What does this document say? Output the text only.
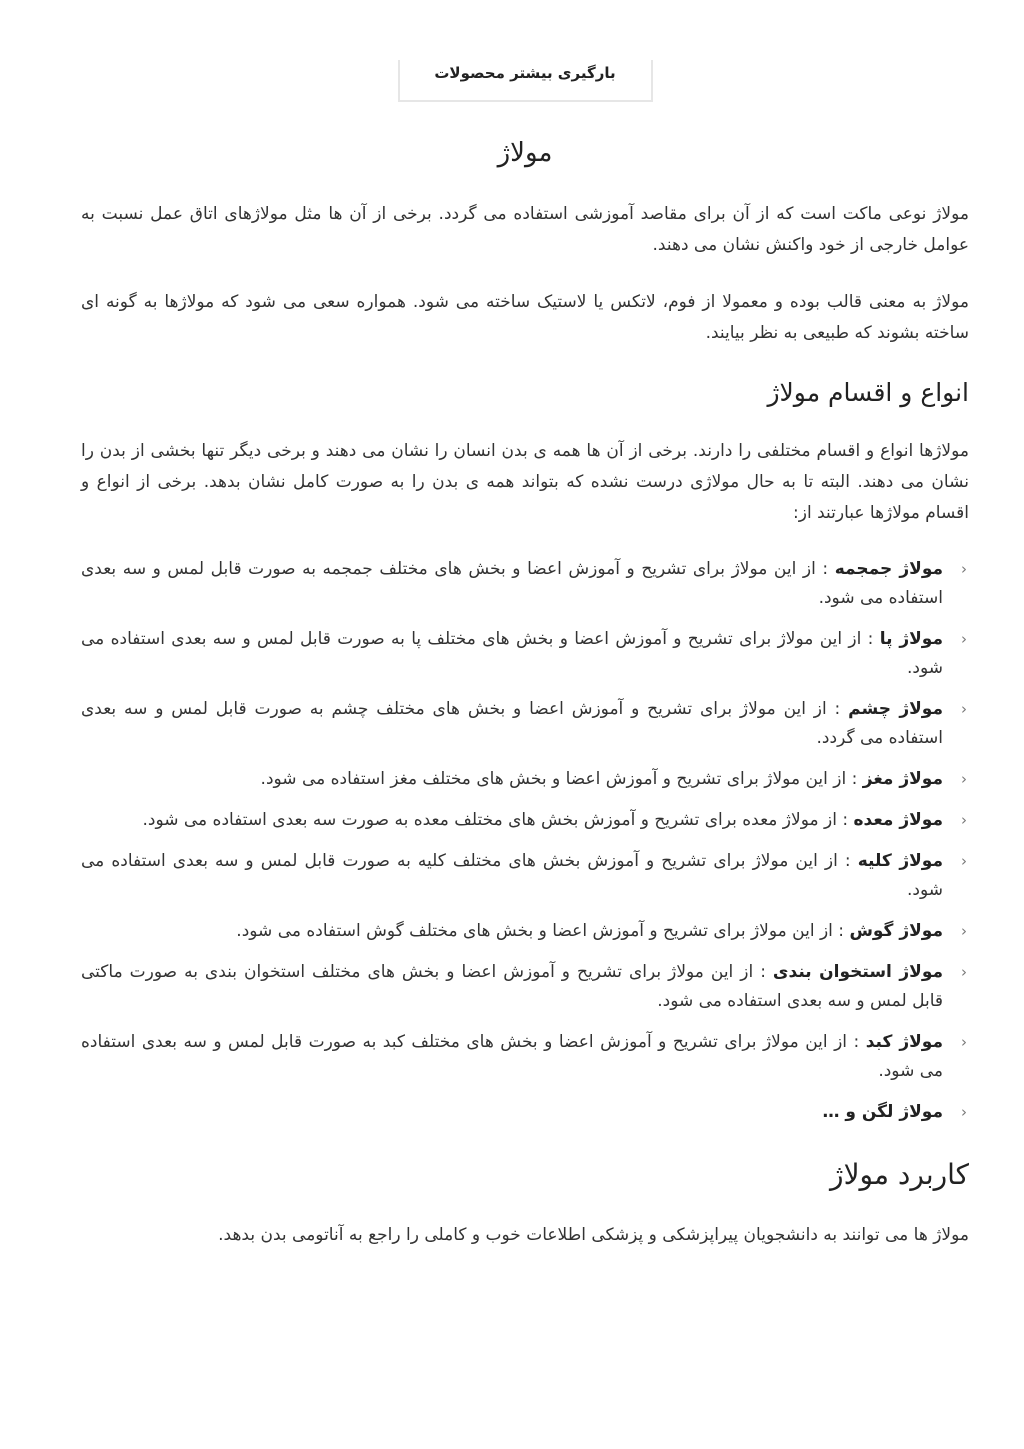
بارگیری بیشتر محصولات
مولاژ

مولاژ نوعی ماکت است که از آن برای مقاصد آموزشی استفاده می گردد. برخی از آن ها مثل مولاژهای اتاق عمل نسبت به عوامل خارجی از خود واکنش نشان می دهند.

مولاژ به معنی قالب بوده و معمولا از فوم، لاتکس یا لاستیک ساخته می شود. همواره سعی می شود که مولاژها به گونه ای ساخته بشوند که طبیعی به نظر بیایند.

انواع و اقسام مولاژ

مولاژها انواع و اقسام مختلفی را دارند. برخی از آن ها همه ی بدن انسان را نشان می دهند و برخی دیگر تنها بخشی از بدن را نشان می دهند. البته تا به حال مولاژی درست نشده که بتواند همه ی بدن را به صورت کامل نشان بدهد. برخی از انواع و اقسام مولاژها عبارتند از:

‹
مولاژ جمجمه : از این مولاژ برای تشریح و آموزش اعضا و بخش های مختلف جمجمه به صورت قابل لمس و سه بعدی استفاده می شود.
‹
مولاژ پا : از این مولاژ برای تشریح و آموزش اعضا و بخش های مختلف پا به صورت قابل لمس و سه بعدی استفاده می شود.
‹
مولاژ چشم : از این مولاژ برای تشریح و آموزش اعضا و بخش های مختلف چشم به صورت قابل لمس و سه بعدی استفاده می گردد.
‹
مولاژ مغز : از این مولاژ برای تشریح و آموزش اعضا و بخش های مختلف مغز استفاده می شود.
‹
مولاژ معده : از مولاژ معده برای تشریح و آموزش بخش های مختلف معده به صورت سه بعدی استفاده می شود.
‹
مولاژ کلیه : از این مولاژ برای تشریح و آموزش بخش های مختلف کلیه به صورت قابل لمس و سه بعدی استفاده می شود.
‹
مولاژ گوش : از این مولاژ برای تشریح و آموزش اعضا و بخش های مختلف گوش استفاده می شود.
‹
مولاژ استخوان بندی : از این مولاژ برای تشریح و آموزش اعضا و بخش های مختلف استخوان بندی به صورت ماکتی قابل لمس و سه بعدی استفاده می شود.
‹
مولاژ کبد : از این مولاژ برای تشریح و آموزش اعضا و بخش های مختلف کبد به صورت قابل لمس و سه بعدی استفاده می شود.
‹
مولاژ لگن و …
کاربرد مولاژ

مولاژ ها می توانند به دانشجویان پیراپزشکی و پزشکی اطلاعات خوب و کاملی را راجع به آناتومی بدن بدهد.
